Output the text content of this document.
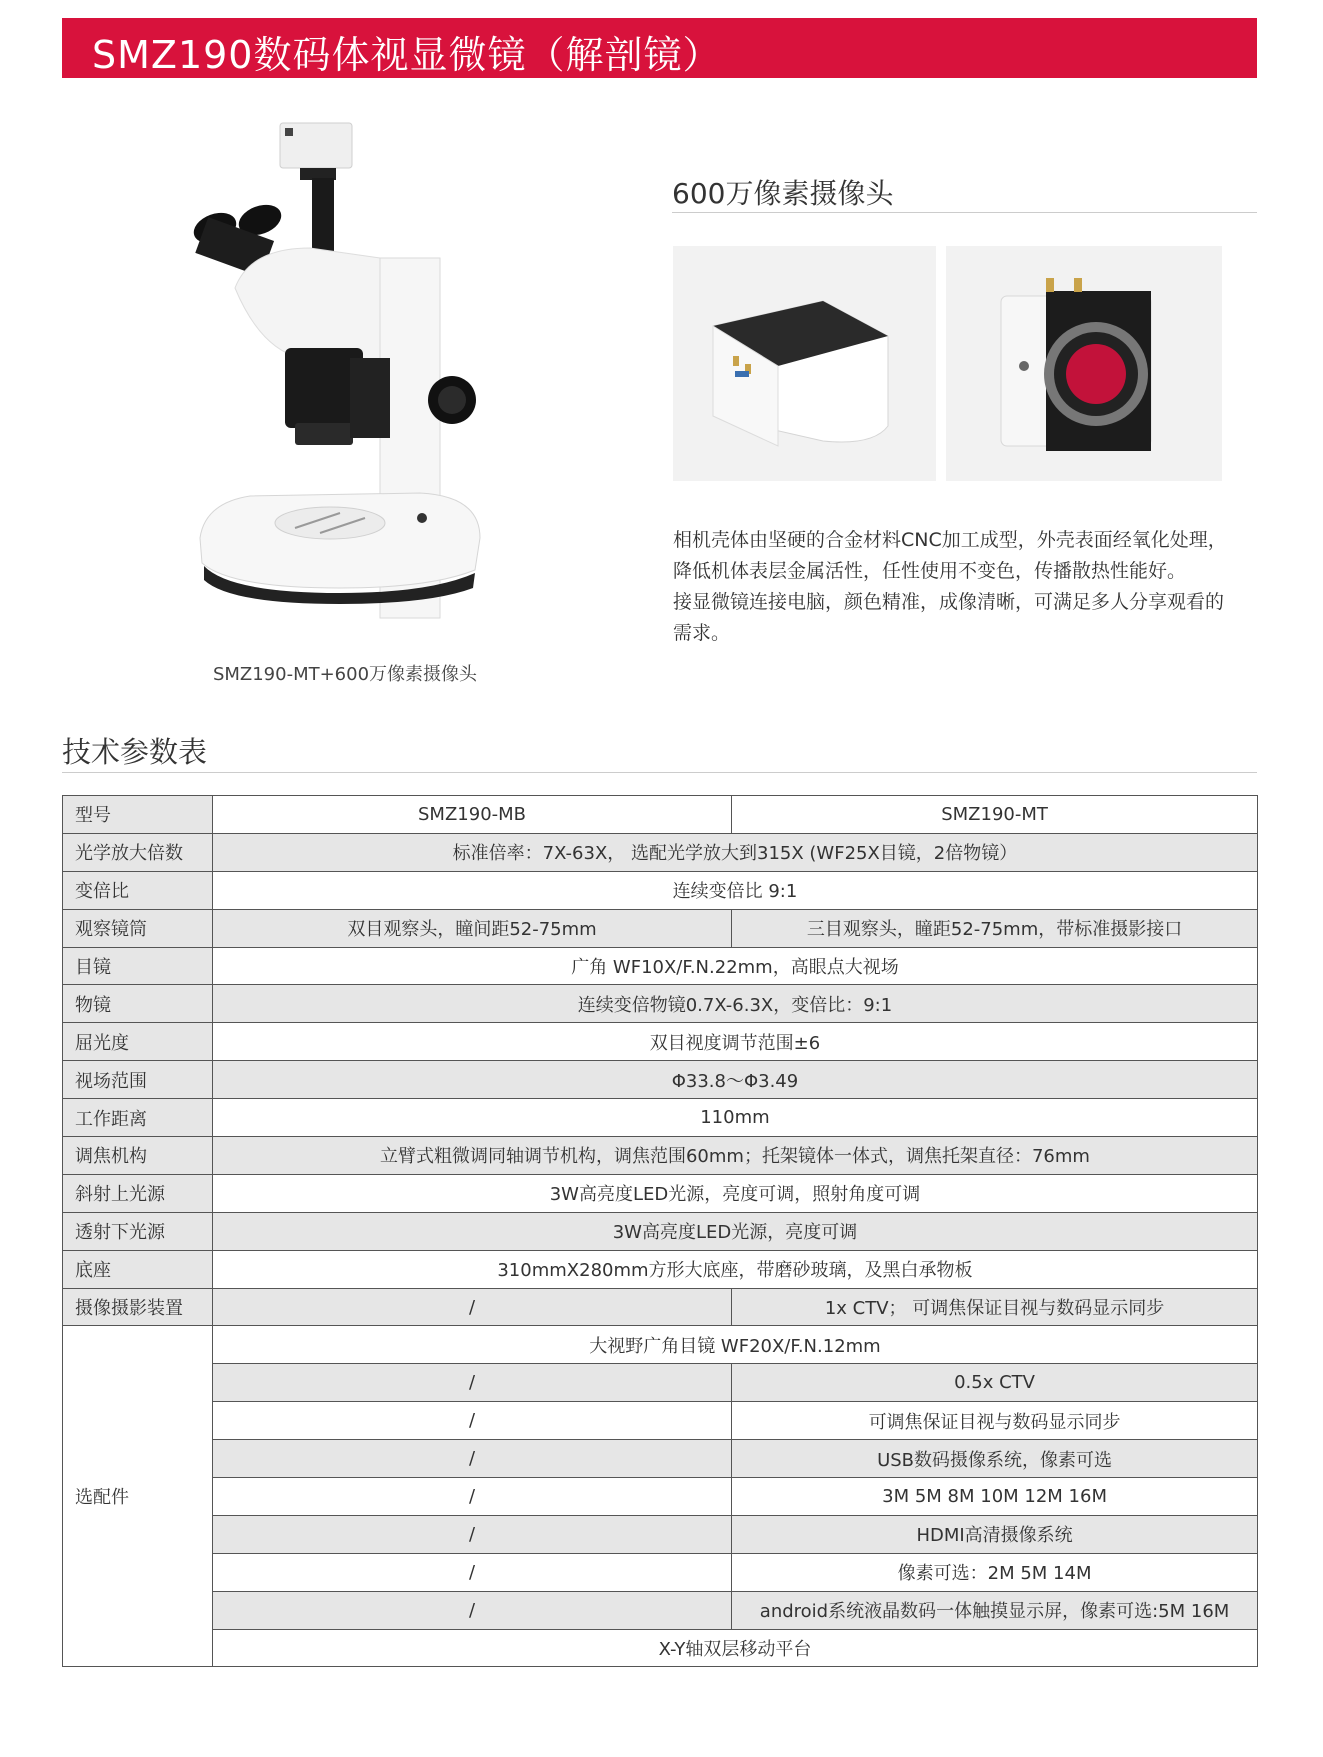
SMZ190数码体视显微镜（解剖镜）
SMZ190-MT+600万像素摄像头
600万像素摄像头

相机壳体由坚硬的合金材料CNC加工成型，外壳表面经氧化处理，

降低机体表层金属活性，任性使用不变色，传播散热性能好。

接显微镜连接电脑，颜色精准，成像清晰，可满足多人分享观看的

需求。

技术参数表
型号	SMZ190-MB	SMZ190-MT
光学放大倍数	标准倍率：7X-63X， 选配光学放大到315X (WF25X目镜，2倍物镜）	
变倍比	连续变倍比 9:1	
观察镜筒	双目观察头，瞳间距52-75mm	三目观察头，瞳距52-75mm，带标准摄影接口
目镜	广角 WF10X/F.N.22mm，高眼点大视场	
物镜	连续变倍物镜0.7X-6.3X，变倍比：9:1	
屈光度	双目视度调节范围±6	
视场范围	Φ33.8～Φ3.49	
工作距离	110mm	
调焦机构	立臂式粗微调同轴调节机构，调焦范围60mm；托架镜体一体式，调焦托架直径：76mm	
斜射上光源	3W高亮度LED光源，亮度可调，照射角度可调	
透射下光源	3W高亮度LED光源，亮度可调	
底座	310mmX280mm方形大底座，带磨砂玻璃，及黑白承物板	
摄像摄影装置	/	1x CTV； 可调焦保证目视与数码显示同步
选配件	大视野广角目镜 WF20X/F.N.12mm	
	/	0.5x CTV
	/	可调焦保证目视与数码显示同步
	/	USB数码摄像系统，像素可选
	/	3M 5M 8M 10M 12M 16M
	/	HDMI高清摄像系统
	/	像素可选：2M 5M 14M
	/	android系统液晶数码一体触摸显示屏，像素可选:5M 16M
	X-Y轴双层移动平台	
